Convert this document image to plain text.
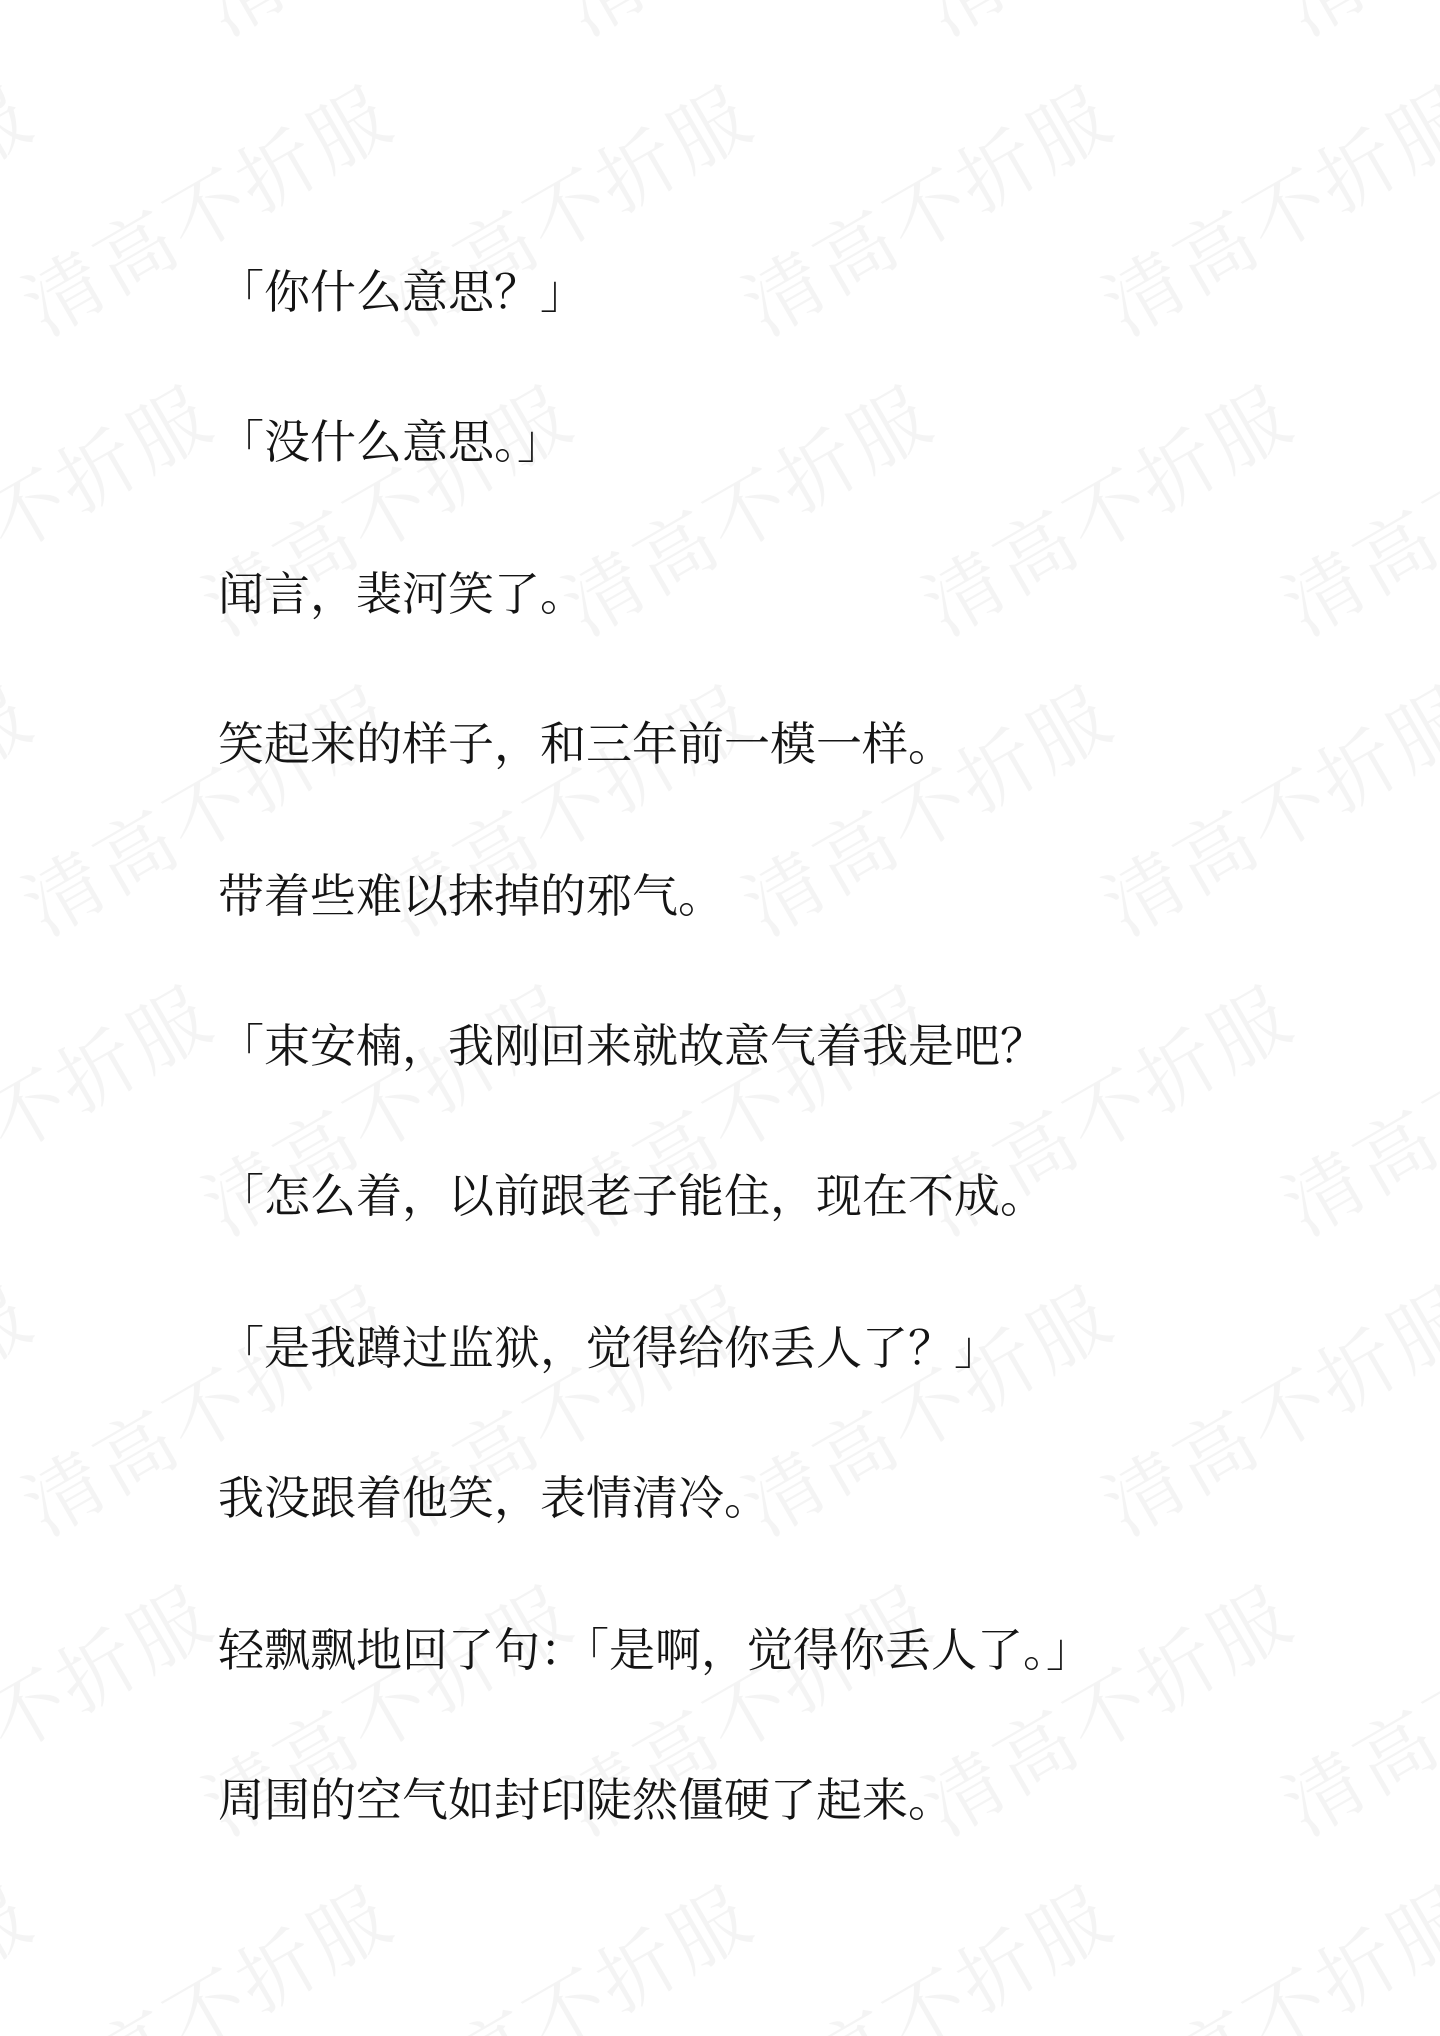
「你什么意思？」
「没什么意思。」
闻言，裴河笑了。
笑起来的样子，和三年前一模一样。
带着些难以抹掉的邪气。
「束安楠，我刚回来就故意气着我是吧？
「怎么着，以前跟老子能住，现在不成。
「是我蹲过监狱，觉得给你丢人了？」
我没跟着他笑，表情清冷。
轻飘飘地回了句：「是啊，觉得你丢人了。」
周围的空气如封印陡然僵硬了起来。
